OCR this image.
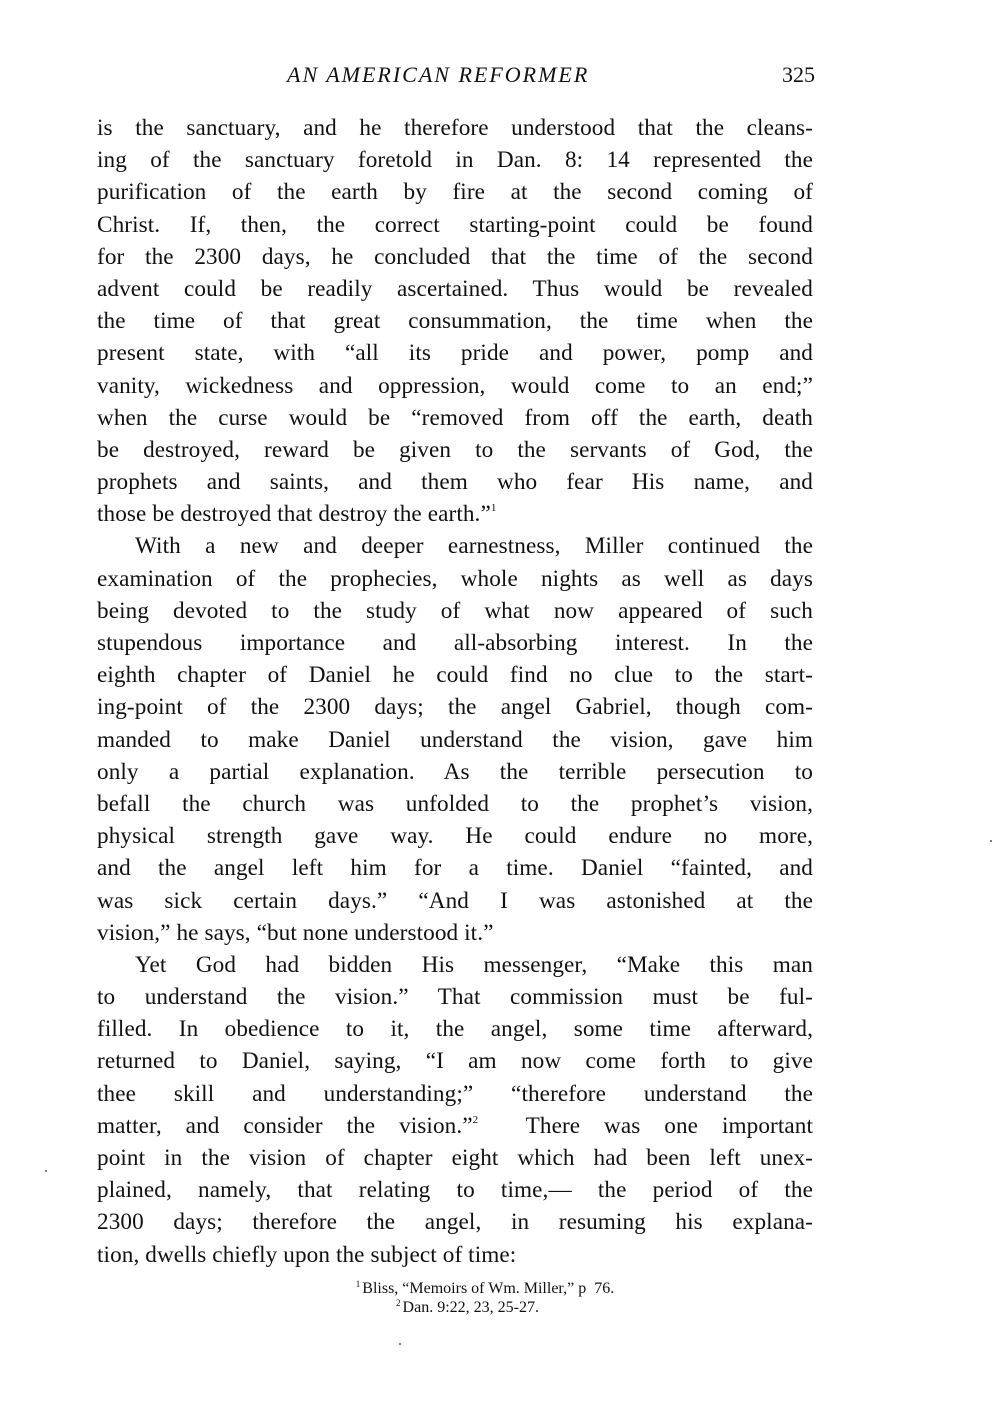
AN AMERICAN REFORMER	325
is the sanctuary, and he therefore understood that the cleans-
ing of the sanctuary foretold in Dan. 8: 14 represented the
purification of the earth by fire at the second coming of
Christ. If, then, the correct starting-point could be found
for the 2300 days, he concluded that the time of the second
advent could be readily ascertained. Thus would be revealed
the time of that great consummation, the time when the
present state, with “all its pride and power, pomp and
vanity, wickedness and oppression, would come to an end;”
when the curse would be “removed from off the earth, death
be destroyed, reward be given to the servants of God, the
prophets and saints, and them who fear His name, and
those be destroyed that destroy the earth.”$^1$
With a new and deeper earnestness, Miller continued the
examination of the prophecies, whole nights as well as days
being devoted to the study of what now appeared of such
stupendous importance and all-absorbing interest. In the
eighth chapter of Daniel he could find no clue to the start-
ing-point of the 2300 days; the angel Gabriel, though com-
manded to make Daniel understand the vision, gave him
only a partial explanation. As the terrible persecution to
befall the church was unfolded to the prophet’s vision,
physical strength gave way. He could endure no more,
and the angel left him for a time. Daniel “fainted, and
was sick certain days.” “And I was astonished at the
vision,” he says, “but none understood it.”
Yet God had bidden His messenger, “Make this man
to understand the vision.” That commission must be ful-
filled. In obedience to it, the angel, some time afterward,
returned to Daniel, saying, “I am now come forth to give
thee skill and understanding;” “therefore understand the
matter, and consider the vision.”$^2$  There was one important
point in the vision of chapter eight which had been left unex-
plained, namely, that relating to time,— the period of the
2300 days; therefore the angel, in resuming his explana-
tion, dwells chiefly upon the subject of time:
$^1$ Bliss, “Memoirs of Wm. Miller,” p  76.
$^2$ Dan. 9:22, 23, 25-27.
